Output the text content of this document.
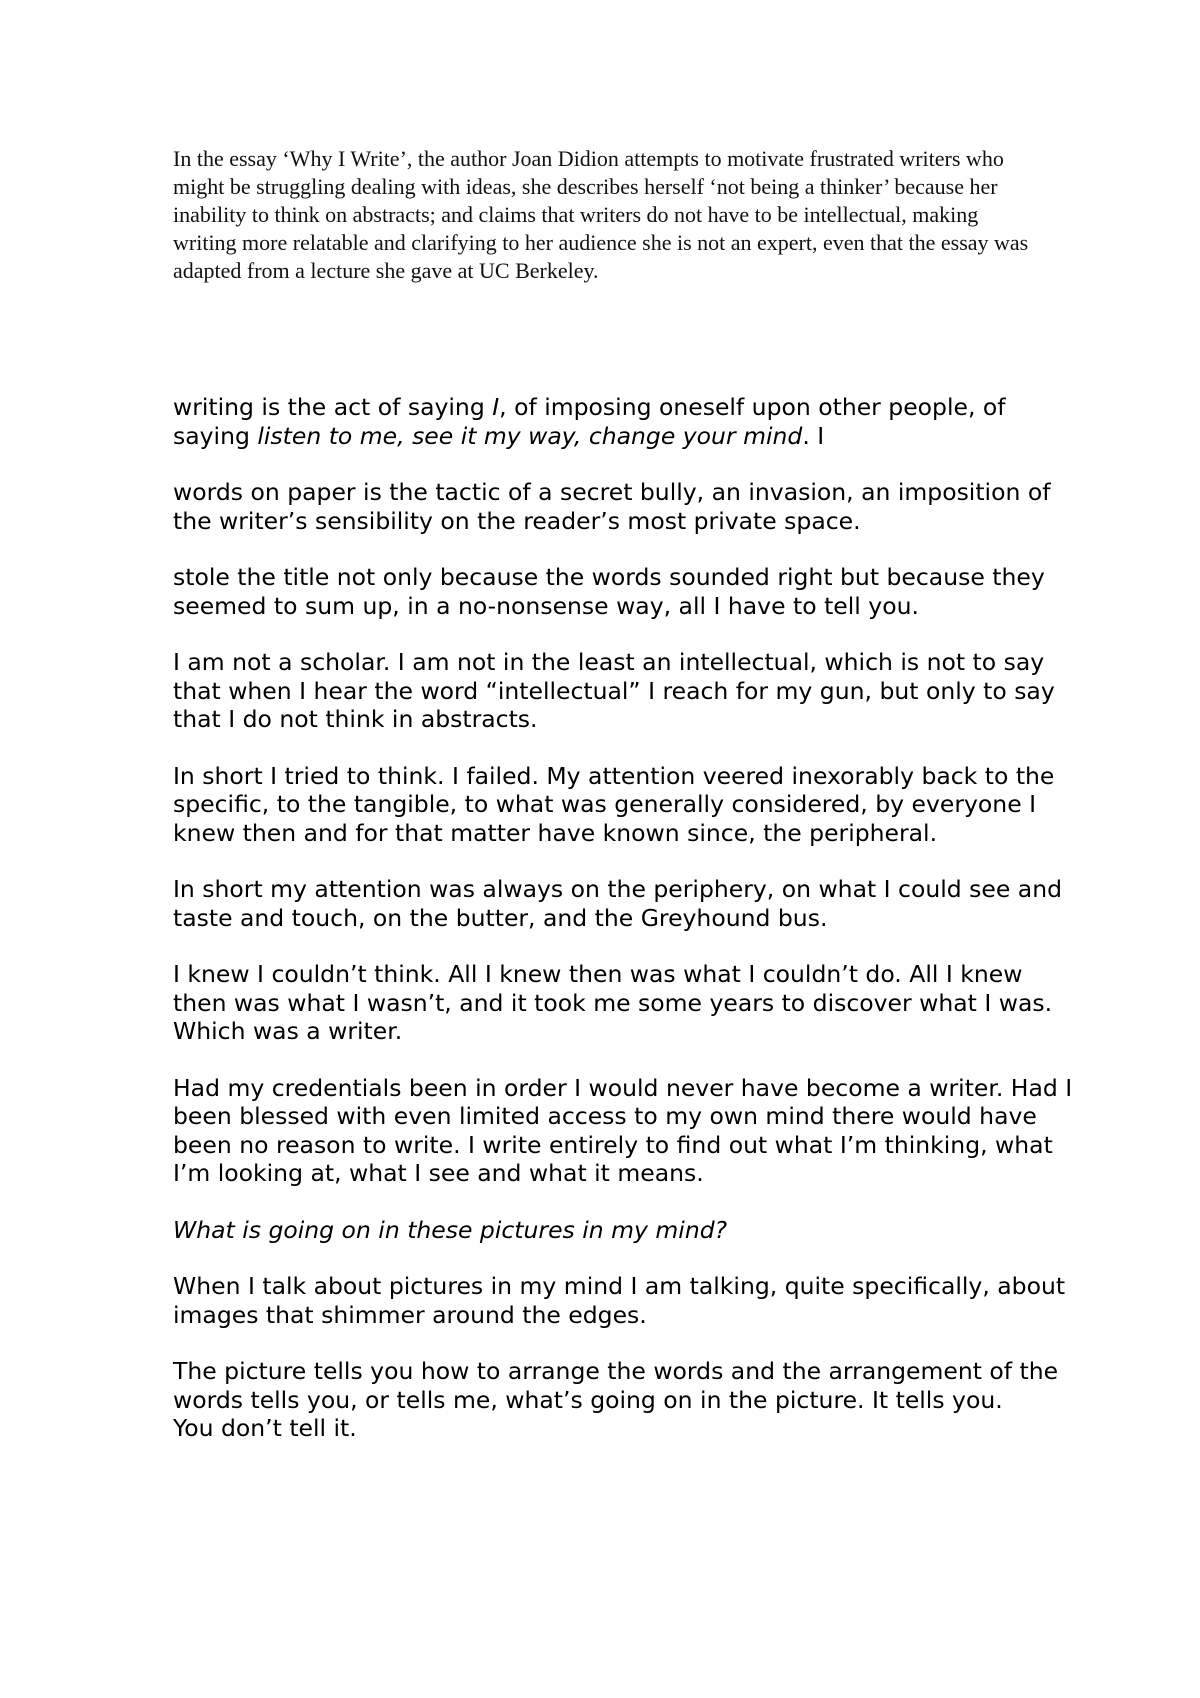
In the essay ‘Why I Write’, the author Joan Didion attempts to motivate frustrated writers who might be struggling dealing with ideas, she describes herself ‘not being a thinker’ because her inability to think on abstracts; and claims that writers do not have to be intellectual, making writing more relatable and clarifying to her audience she is not an expert, even that the essay was adapted from a lecture she gave at UC Berkeley.

writing is the act of saying I, of imposing oneself upon other people, of saying listen to me, see it my way, change your mind. I

words on paper is the tactic of a secret bully, an invasion, an imposition of the writer’s sensibility on the reader’s most private space.

stole the title not only because the words sounded right but because they seemed to sum up, in a no-nonsense way, all I have to tell you.

I am not a scholar. I am not in the least an intellectual, which is not to say that when I hear the word “intellectual” I reach for my gun, but only to say that I do not think in abstracts.

In short I tried to think. I failed. My attention veered inexorably back to the specific, to the tangible, to what was generally considered, by everyone I knew then and for that matter have known since, the peripheral.

In short my attention was always on the periphery, on what I could see and taste and touch, on the butter, and the Greyhound bus.

I knew I couldn’t think. All I knew then was what I couldn’t do. All I knew then was what I wasn’t, and it took me some years to discover what I was. Which was a writer.

Had my credentials been in order I would never have become a writer. Had I been blessed with even limited access to my own mind there would have been no reason to write. I write entirely to find out what I’m thinking, what I’m looking at, what I see and what it means.

What is going on in these pictures in my mind?

When I talk about pictures in my mind I am talking, quite specifically, about images that shimmer around the edges.

The picture tells you how to arrange the words and the arrangement of the words tells you, or tells me, what’s going on in the picture. It tells you.

You don’t tell it.
